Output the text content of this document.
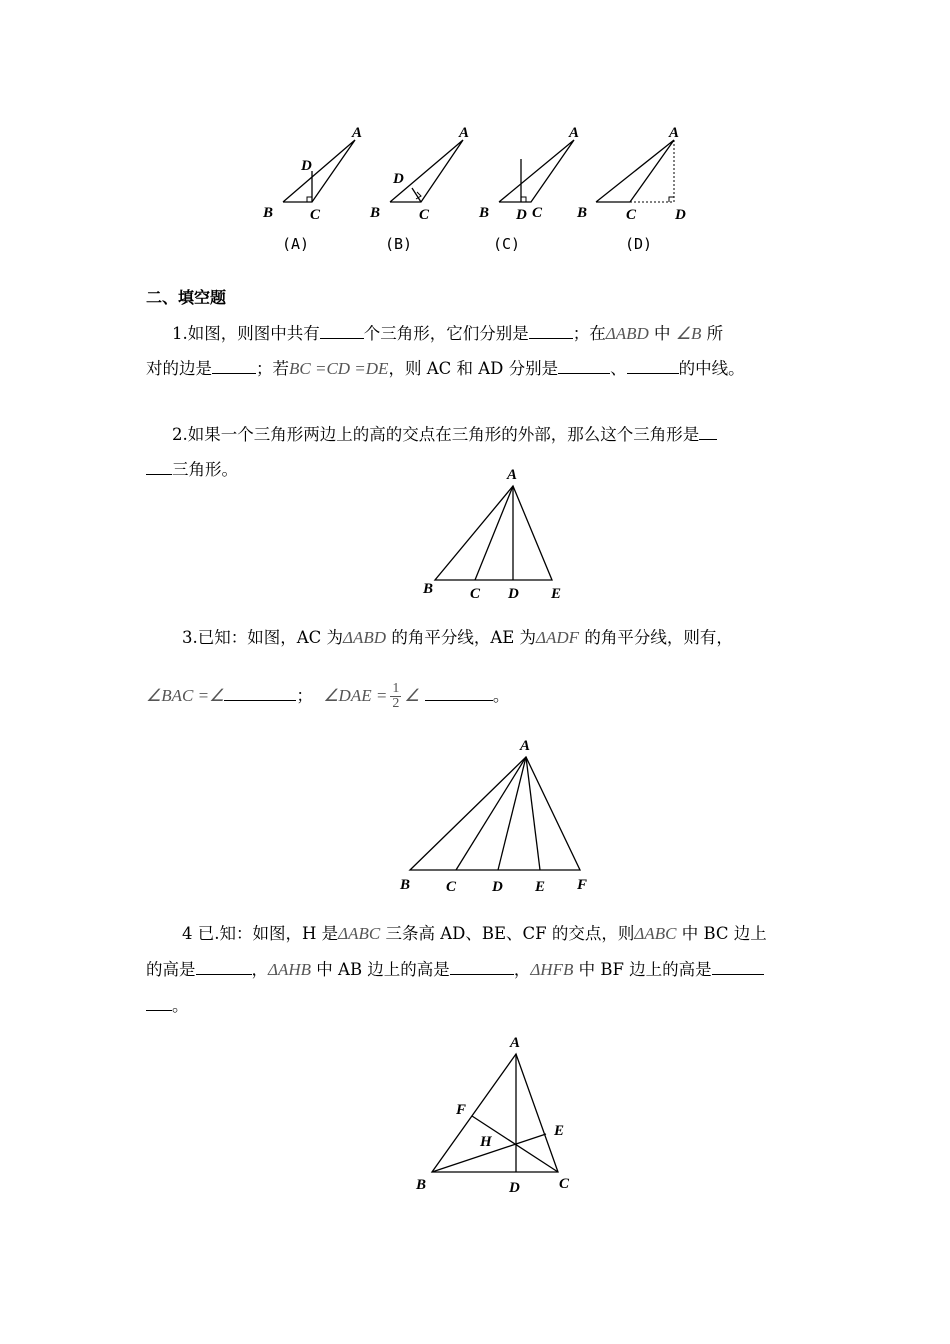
A
D
B C
A
D
B	C
A
B D C
A
B	C	D
(A)	(B)	(C)	(D)
二、填空题
1.如图，则图中共有	个三角形，它们分别是	；在ΔABD 中 ∠B 所
对的边是	；若BC =CD =DE，则 AC 和 AD 分别是	、	的中线。
2.如果一个三角形两边上的高的交点在三角形的外部，那么这个三角形是
三角形。	A
B C D E
3.已知：如图，AC 为ΔABD 的角平分线，AE 为ΔADF 的角平分线，则有，
∠BAC =∠	； ∠DAE = $\frac{1}{2}$ ∠	。
A
B C D E F
4 已.知：如图，H 是ΔABC 三条高 AD、BE、CF 的交点，则ΔABC 中 BC 边上
的高是	，ΔAHB 中 AB 边上的高是	，ΔHFB 中 BF 边上的高是
。
A
F
E
H
B	D	C
